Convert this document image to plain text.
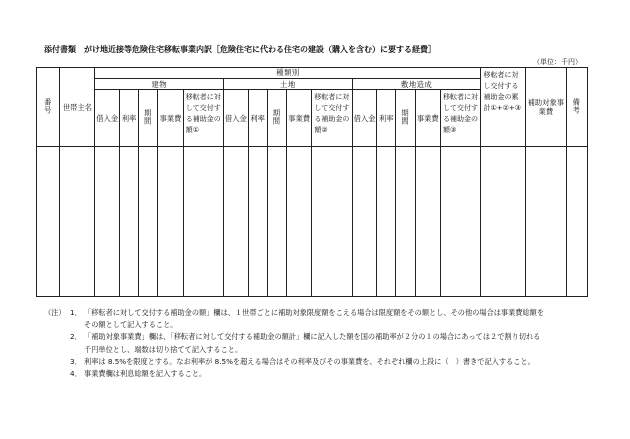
添付書類　がけ地近接等危険住宅移転事業内訳［危険住宅に代わる住宅の建設（購入を含む）に要する経費］
（単位：千円）
番号	世帯主名	種類別															移転者に対し交付する補助金の累計①+②+③	補助対象事業費	備考
		建物					土地					敷地造成							
		借入金	利率	期間	事業費	移転者に対して交付する補助金の額①	借入金	利率	期間	事業費	移転者に対して交付する補助金の額②	借入金	利率	期間	事業費	移転者に対して交付する補助金の額③			

（注） 1． 「移転者に対して交付する補助金の額」欄は、１世帯ごとに補助対象限度額をこえる場合は限度額をその額とし、その他の場合は事業費総額を
その額として記入すること。
2． 「補助対象事業費」欄は、「移転者に対して交付する補助金の額計」欄に記入した額を国の補助率が２分の１の場合にあっては２で割り切れる
千円単位とし、端数は切り捨てて記入すること。
3． 利率は 8.5%を限度とする。なお利率が 8.5%を超える場合はその利率及びその事業費を、それぞれ欄の上段に（　）書きで記入すること。
4． 事業費欄は利息総額を記入すること。
